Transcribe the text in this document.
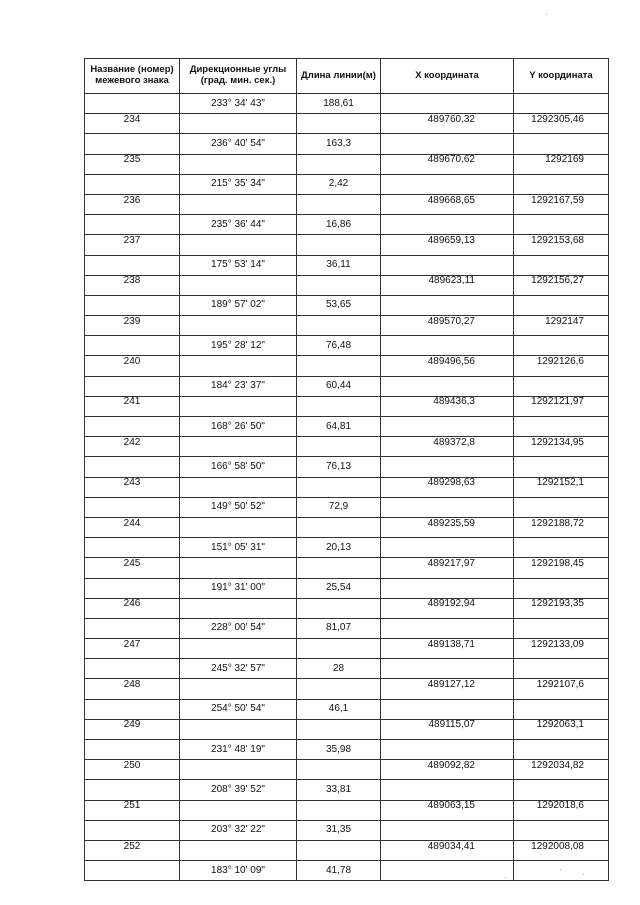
Название (номер) межевого знака	Дирекционные углы (град. мин. сек.)	Длина линии(м)	X координата	Y координата
	233° 34' 43"	188,61		
234			489760,32	1292305,46
	236° 40' 54"	163,3		
235			489670,62	1292169
	215° 35' 34"	2,42		
236			489668,65	1292167,59
	235° 36' 44"	16,86		
237			489659,13	1292153,68
	175° 53' 14"	36,11		
238			489623,11	1292156,27
	189° 57' 02"	53,65		
239			489570,27	1292147
	195° 28' 12"	76,48		
240			489496,56	1292126,6
	184° 23' 37"	60,44		
241			489436,3	1292121,97
	168° 26' 50"	64,81		
242			489372,8	1292134,95
	166° 58' 50"	76,13		
243			489298,63	1292152,1
	149° 50' 52"	72,9		
244			489235,59	1292188,72
	151° 05' 31"	20,13		
245			489217,97	1292198,45
	191° 31' 00"	25,54		
246			489192,94	1292193,35
	228° 00' 54"	81,07		
247			489138,71	1292133,09
	245° 32' 57"	28		
248			489127,12	1292107,6
	254° 50' 54"	46,1		
249			489115,07	1292063,1
	231° 48' 19"	35,98		
250			489092,82	1292034,82
	208° 39' 52"	33,81		
251			489063,15	1292018,6
	203° 32' 22"	31,35		
252			489034,41	1292008,08
	183° 10' 09"	41,78		
